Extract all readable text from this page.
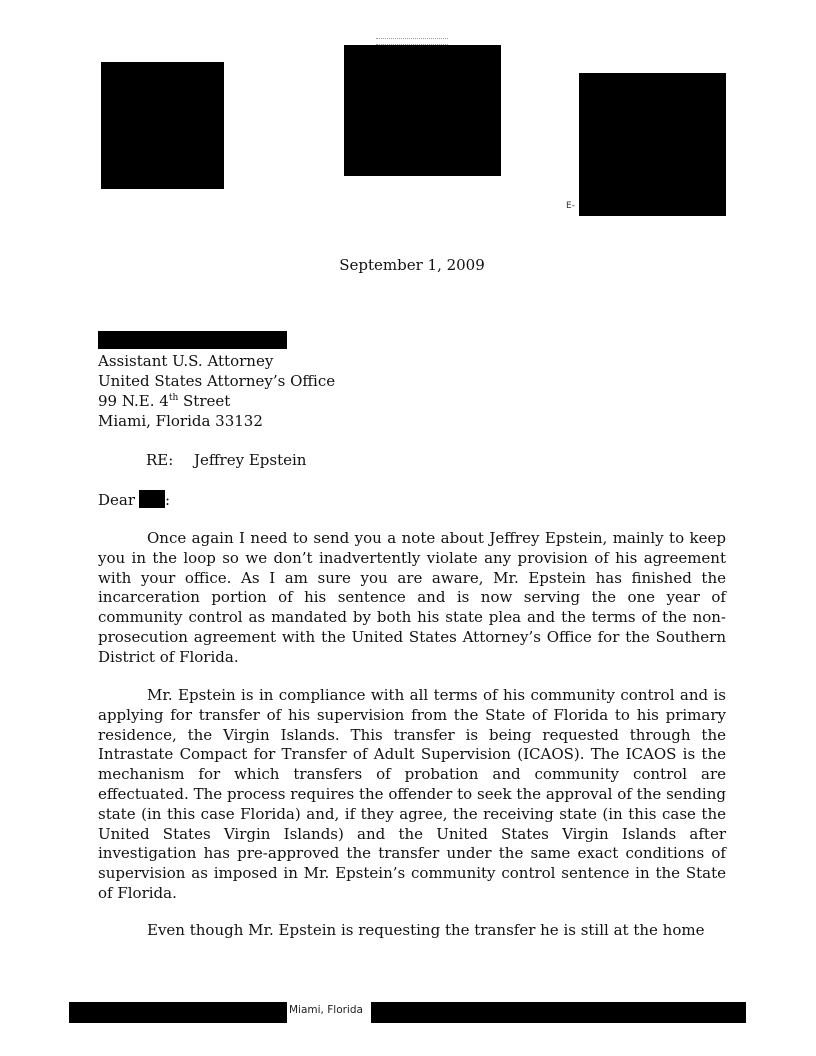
E-
September 1, 2009
Assistant U.S. Attorney
United States Attorney’s Office
99 N.E. 4th Street
Miami, Florida 33132
RE: Jeffrey Epstein
Dear :

Once again I need to send you a note about Jeffrey Epstein, mainly to keep you in the loop so we don’t inadvertently violate any provision of his agreement with your office. As I am sure you are aware, Mr. Epstein has finished the incarceration portion of his sentence and is now serving the one year of community control as mandated by both his state plea and the terms of the non-prosecution agreement with the United States Attorney’s Office for the Southern District of Florida.

Mr. Epstein is in compliance with all terms of his community control and is applying for transfer of his supervision from the State of Florida to his primary residence, the Virgin Islands. This transfer is being requested through the Intrastate Compact for Transfer of Adult Supervision (ICAOS). The ICAOS is the mechanism for which transfers of probation and community control are effectuated. The process requires the offender to seek the approval of the sending state (in this case Florida) and, if they agree, the receiving state (in this case the United States Virgin Islands) and the United States Virgin Islands after investigation has pre-approved the transfer under the same exact conditions of supervision as imposed in Mr. Epstein’s community control sentence in the State of Florida.

Even though Mr. Epstein is requesting the transfer he is still at the home

Miami, Florida
